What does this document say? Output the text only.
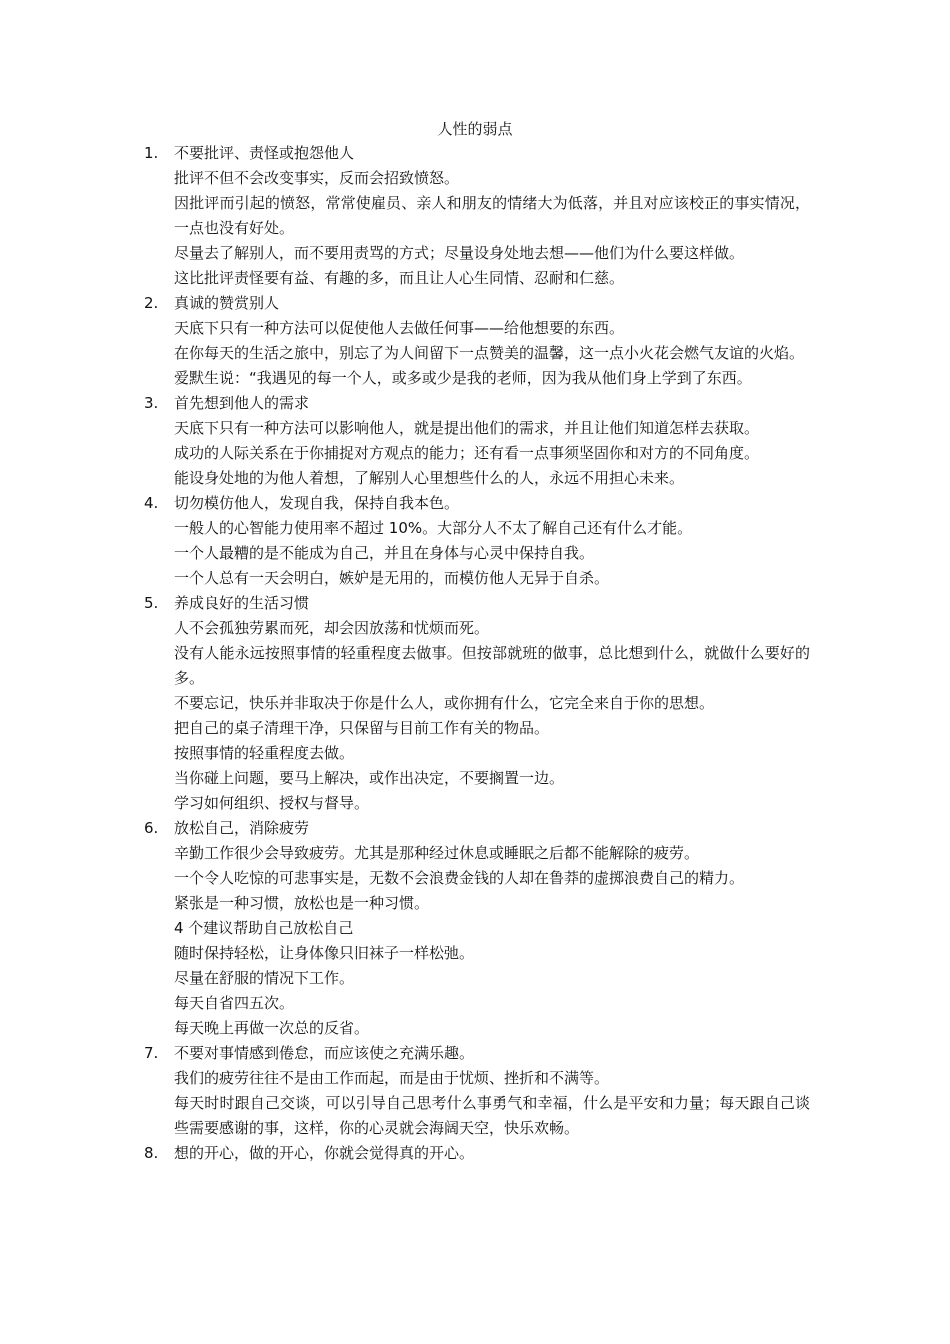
人性的弱点
1. 不要批评、责怪或抱怨他人
批评不但不会改变事实，反而会招致愤怒。
因批评而引起的愤怒，常常使雇员、亲人和朋友的情绪大为低落，并且对应该校正的事实情况，一点也没有好处。
尽量去了解别人，而不要用责骂的方式；尽量设身处地去想——他们为什么要这样做。
这比批评责怪要有益、有趣的多，而且让人心生同情、忍耐和仁慈。
2. 真诚的赞赏别人
天底下只有一种方法可以促使他人去做任何事——给他想要的东西。
在你每天的生活之旅中，别忘了为人间留下一点赞美的温馨，这一点小火花会燃气友谊的火焰。
爱默生说：“我遇见的每一个人，或多或少是我的老师，因为我从他们身上学到了东西。
3. 首先想到他人的需求
天底下只有一种方法可以影响他人，就是提出他们的需求，并且让他们知道怎样去获取。
成功的人际关系在于你捕捉对方观点的能力；还有看一点事须坚固你和对方的不同角度。
能设身处地的为他人着想，了解别人心里想些什么的人，永远不用担心未来。
4. 切勿模仿他人，发现自我，保持自我本色。
一般人的心智能力使用率不超过 10%。大部分人不太了解自己还有什么才能。
一个人最糟的是不能成为自己，并且在身体与心灵中保持自我。
一个人总有一天会明白，嫉妒是无用的，而模仿他人无异于自杀。
5. 养成良好的生活习惯
人不会孤独劳累而死，却会因放荡和忧烦而死。
没有人能永远按照事情的轻重程度去做事。但按部就班的做事，总比想到什么，就做什么要好的多。
不要忘记，快乐并非取决于你是什么人，或你拥有什么，它完全来自于你的思想。
把自己的桌子清理干净，只保留与目前工作有关的物品。
按照事情的轻重程度去做。
当你碰上问题，要马上解决，或作出决定，不要搁置一边。
学习如何组织、授权与督导。
6. 放松自己，消除疲劳
辛勤工作很少会导致疲劳。尤其是那种经过休息或睡眠之后都不能解除的疲劳。
一个令人吃惊的可悲事实是，无数不会浪费金钱的人却在鲁莽的虚掷浪费自己的精力。
紧张是一种习惯，放松也是一种习惯。
4 个建议帮助自己放松自己
随时保持轻松，让身体像只旧袜子一样松弛。
尽量在舒服的情况下工作。
每天自省四五次。
每天晚上再做一次总的反省。
7. 不要对事情感到倦怠，而应该使之充满乐趣。
我们的疲劳往往不是由工作而起，而是由于忧烦、挫折和不满等。
每天时时跟自己交谈，可以引导自己思考什么事勇气和幸福，什么是平安和力量；每天跟自己谈些需要感谢的事，这样，你的心灵就会海阔天空，快乐欢畅。
8. 想的开心，做的开心，你就会觉得真的开心。
